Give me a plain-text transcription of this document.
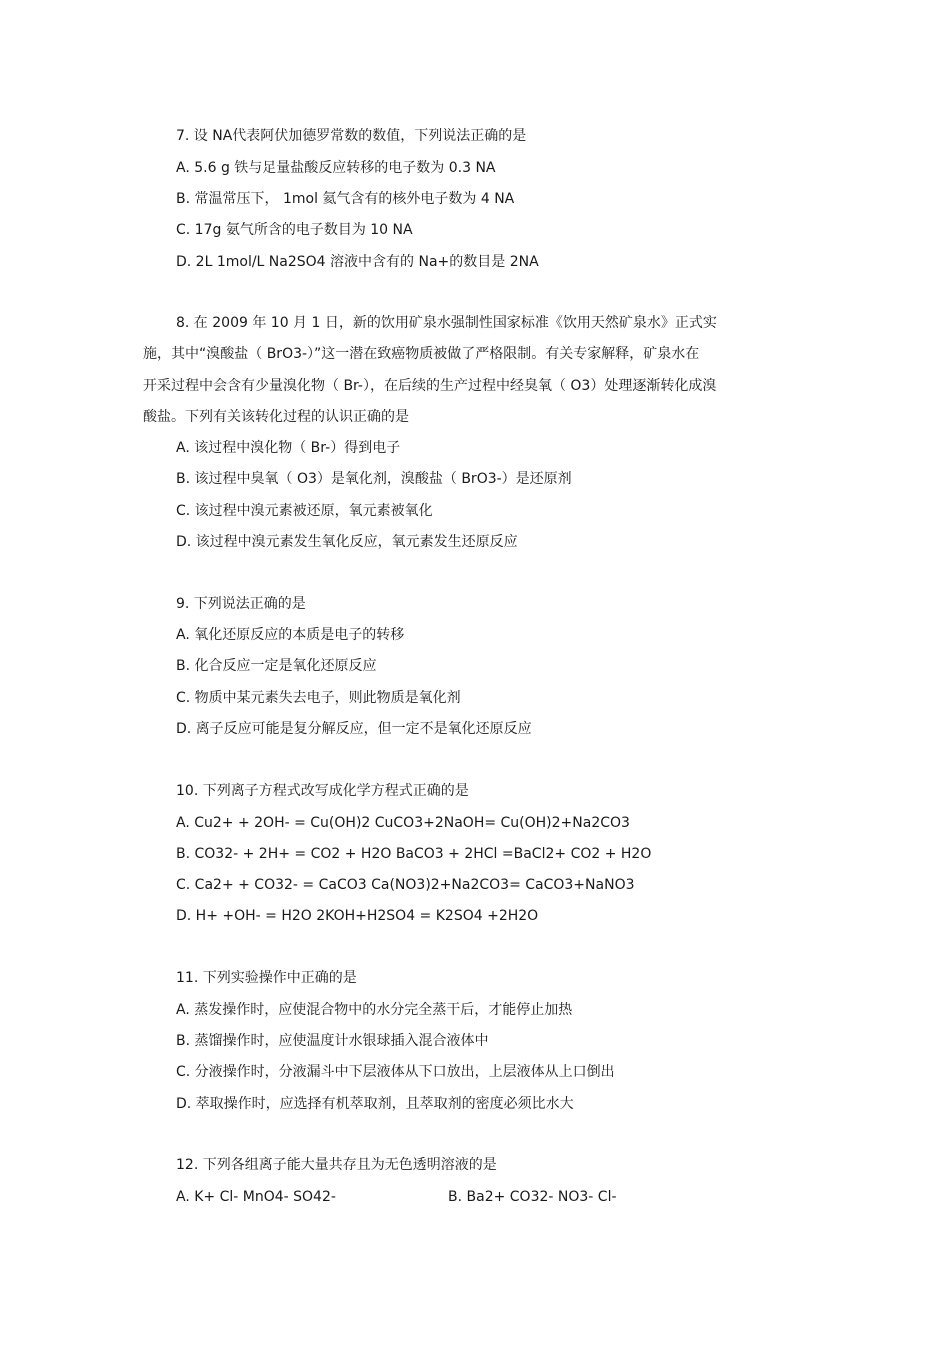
7. 设 NA代表阿伏加德罗常数的数值，下列说法正确的是
A. 5.6 g 铁与足量盐酸反应转移的电子数为 0.3 NA
B. 常温常压下， 1mol 氦气含有的核外电子数为 4 NA
C. 17g 氨气所含的电子数目为 10 NA
D. 2L 1mol/L Na2SO4 溶液中含有的 Na+的数目是 2NA
8. 在 2009 年 10 月 1 日，新的饮用矿泉水强制性国家标准《饮用天然矿泉水》正式实
施，其中“溴酸盐（ BrO3-）”这一潜在致癌物质被做了严格限制。有关专家解释，矿泉水在
开采过程中会含有少量溴化物（ Br-），在后续的生产过程中经臭氧（ O3）处理逐渐转化成溴
酸盐。下列有关该转化过程的认识正确的是
A. 该过程中溴化物（ Br-）得到电子
B. 该过程中臭氧（ O3）是氧化剂，溴酸盐（ BrO3-）是还原剂
C. 该过程中溴元素被还原，氧元素被氧化
D. 该过程中溴元素发生氧化反应，氧元素发生还原反应
9. 下列说法正确的是
A. 氧化还原反应的本质是电子的转移
B. 化合反应一定是氧化还原反应
C. 物质中某元素失去电子，则此物质是氧化剂
D. 离子反应可能是复分解反应，但一定不是氧化还原反应
10. 下列离子方程式改写成化学方程式正确的是
A. Cu2+ + 2OH- = Cu(OH)2 CuCO3+2NaOH= Cu(OH)2+Na2CO3
B. CO32- + 2H+ = CO2 + H2O BaCO3 + 2HCl =BaCl2+ CO2 + H2O
C. Ca2+ + CO32- = CaCO3 Ca(NO3)2+Na2CO3= CaCO3+NaNO3
D. H+ +OH- = H2O 2KOH+H2SO4 = K2SO4 +2H2O
11. 下列实验操作中正确的是
A. 蒸发操作时，应使混合物中的水分完全蒸干后，才能停止加热
B. 蒸馏操作时，应使温度计水银球插入混合液体中
C. 分液操作时，分液漏斗中下层液体从下口放出，上层液体从上口倒出
D. 萃取操作时，应选择有机萃取剂，且萃取剂的密度必须比水大
12. 下列各组离子能大量共存且为无色透明溶液的是
A. K+ Cl- MnO4- SO42-	B. Ba2+ CO32- NO3- Cl-
